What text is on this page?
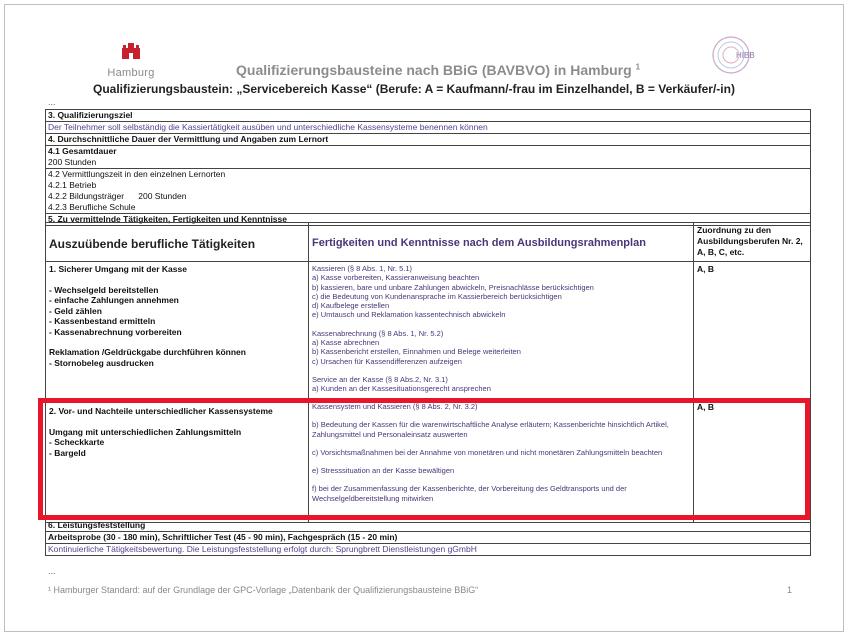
Hamburg
HIBB
Qualifizierungsbausteine nach BBiG (BAVBVO) in Hamburg $^1$
Qualifizierungsbaustein: „Servicebereich Kasse“ (Berufe: A = Kaufmann/-frau im Einzelhandel, B = Verkäufer/-in)
...
3. Qualifizierungsziel
Der Teilnehmer soll selbständig die Kassiertätigkeit ausüben und unterschiedliche Kassensysteme benennen können
4. Durchschnittliche Dauer der Vermittlung und Angaben zum Lernort
4.1 Gesamtdauer
200 Stunden
4.2 Vermittlungszeit in den einzelnen Lernorten
4.2.1 Betrieb
4.2.2 Bildungsträger 200 Stunden
4.2.3 Berufliche Schule
5. Zu vermittelnde Tätigkeiten, Fertigkeiten und Kenntnisse
Auszuübende berufliche Tätigkeiten	Fertigkeiten und Kenntnisse nach dem Ausbildungsrahmenplan
Zuordnung zu den Ausbildungsberufen Nr. 2, A, B, C, etc.
1. Sicherer Umgang mit der Kasse
- Wechselgeld bereitstellen
- einfache Zahlungen annehmen
- Geld zählen
- Kassenbestand ermitteln
- Kassenabrechnung vorbereiten
Reklamation /Geldrückgabe durchführen können
- Stornobeleg ausdrucken
Kassieren (§ 8 Abs. 1, Nr. 5.1)
a) Kasse vorbereiten, Kassieranweisung beachten
b) kassieren, bare und unbare Zahlungen abwickeln, Preisnachlässe berücksichtigen
c) die Bedeutung von Kundenansprache im Kassierbereich berücksichtigen
d) Kaufbelege erstellen
e) Umtausch und Reklamation kassentechnisch abwickeln
Kassenabrechnung (§ 8 Abs. 1, Nr. 5.2)
a) Kasse abrechnen
b) Kassenbericht erstellen, Einnahmen und Belege weiterleiten
c) Ursachen für Kassendifferenzen aufzeigen
Service an der Kasse (§ 8 Abs.2, Nr. 3.1)
a) Kunden an der Kassesituationsgerecht ansprechen
A, B
2. Vor- und Nachteile unterschiedlicher Kassensysteme
Umgang mit unterschiedlichen Zahlungsmitteln
- Scheckkarte
- Bargeld
Kassensystem und Kassieren (§ 8 Abs. 2, Nr. 3.2)
b) Bedeutung der Kassen für die warenwirtschaftliche Analyse erläutern; Kassenberichte hinsichtlich Artikel, Zahlungsmittel und Personaleinsatz auswerten
c) Vorsichtsmaßnahmen bei der Annahme von monetären und nicht monetären Zahlungsmitteln beachten
e) Stresssituation an der Kasse bewältigen
f) bei der Zusammenfassung der Kassenberichte, der Vorbereitung des Geldtransports und der Wechselgeldbereitstellung mitwirken
A, B
6. Leistungsfeststellung
Arbeitsprobe (30 - 180 min), Schriftlicher Test (45 - 90 min), Fachgespräch (15 - 20 min)
Kontinuierliche Tätigkeitsbewertung. Die Leistungsfeststellung erfolgt durch: Sprungbrett Dienstleistungen gGmbH
...
¹ Hamburger Standard: auf der Grundlage der GPC-Vorlage „Datenbank der Qualifizierungsbausteine BBiG“	1
